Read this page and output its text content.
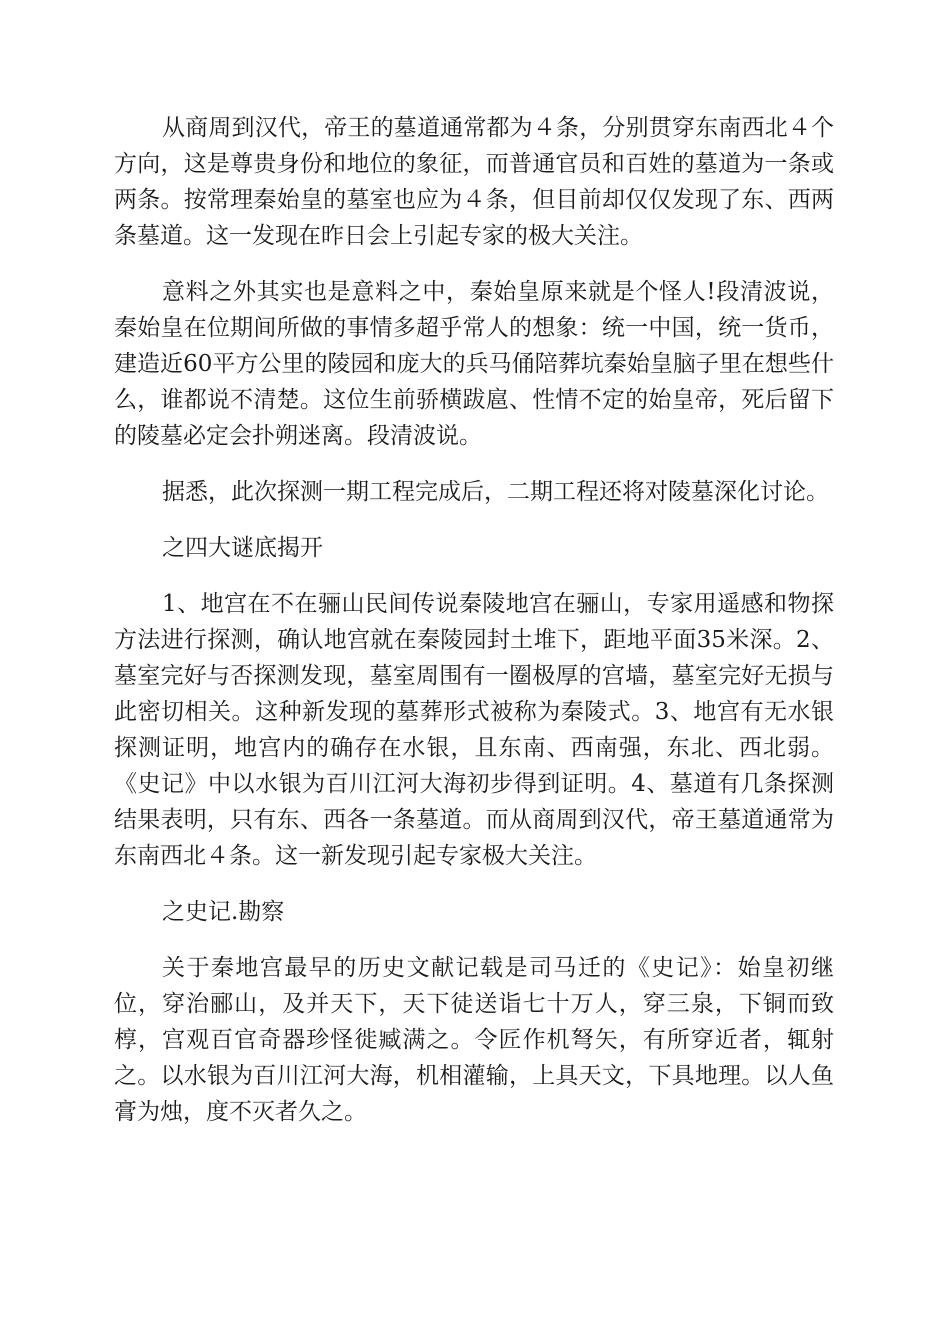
从商周到汉代，帝王的墓道通常都为４条，分别贯穿东南西北４个方向，这是尊贵身份和地位的象征，而普通官员和百姓的墓道为一条或两条。按常理秦始皇的墓室也应为４条，但目前却仅仅发现了东、西两条墓道。这一发现在昨日会上引起专家的极大关注。

意料之外其实也是意料之中，秦始皇原来就是个怪人!段清波说，秦始皇在位期间所做的事情多超乎常人的想象：统一中国，统一货币，建造近60平方公里的陵园和庞大的兵马俑陪葬坑秦始皇脑子里在想些什么，谁都说不清楚。这位生前骄横跋扈、性情不定的始皇帝，死后留下的陵墓必定会扑朔迷离。段清波说。

据悉，此次探测一期工程完成后，二期工程还将对陵墓深化讨论。

之四大谜底揭开

1、地宫在不在骊山民间传说秦陵地宫在骊山，专家用遥感和物探方法进行探测，确认地宫就在秦陵园封土堆下，距地平面35米深。2、墓室完好与否探测发现，墓室周围有一圈极厚的宫墙，墓室完好无损与此密切相关。这种新发现的墓葬形式被称为秦陵式。3、地宫有无水银探测证明，地宫内的确存在水银，且东南、西南强，东北、西北弱。《史记》中以水银为百川江河大海初步得到证明。4、墓道有几条探测结果表明，只有东、西各一条墓道。而从商周到汉代，帝王墓道通常为东南西北４条。这一新发现引起专家极大关注。

之史记.勘察

关于秦地宫最早的历史文献记载是司马迁的《史记》：始皇初继位，穿治郦山，及并天下，天下徒送诣七十万人，穿三泉，下铜而致椁，宫观百官奇器珍怪徙臧满之。令匠作机弩矢，有所穿近者，辄射之。以水银为百川江河大海，机相灌输，上具天文，下具地理。以人鱼膏为烛，度不灭者久之。
